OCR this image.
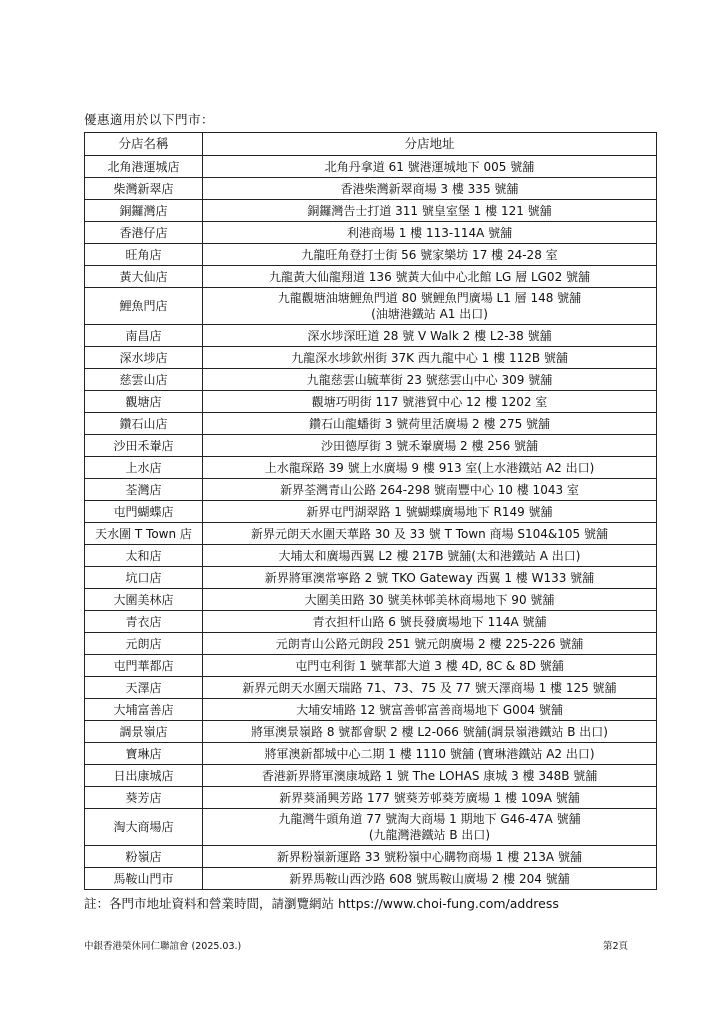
優惠適用於以下門市：
分店名稱	分店地址
北角港運城店	北角丹拿道 61 號港運城地下 005 號舖

柴灣新翠店	香港柴灣新翠商場 3 樓 335 號舖

銅鑼灣店	銅鑼灣告士打道 311 號皇室堡 1 樓 121 號舖

香港仔店	利港商場 1 樓 113-114A 號舖

旺角店	九龍旺角登打士街 56 號家樂坊 17 樓 24-28 室

黃大仙店	九龍黃大仙龍翔道 136 號黃大仙中心北館 LG 層 LG02 號舖

鯉魚門店	九龍觀塘油塘鯉魚門道 80 號鯉魚門廣場 L1 層 148 號舖
(油塘港鐵站 A1 出口)

南昌店	深水埗深旺道 28 號 V Walk 2 樓 L2-38 號舖

深水埗店	九龍深水埗欽州街 37K 西九龍中心 1 樓 112B 號舖

慈雲山店	九龍慈雲山毓華街 23 號慈雲山中心 309 號舖

觀塘店	觀塘巧明街 117 號港貿中心 12 樓 1202 室

鑽石山店	鑽石山龍蟠街 3 號荷里活廣場 2 樓 275 號舖

沙田禾輋店	沙田德厚街 3 號禾輋廣場 2 樓 256 號舖

上水店	上水龍琛路 39 號上水廣場 9 樓 913 室(上水港鐵站 A2 出口)

荃灣店	新界荃灣青山公路 264-298 號南豐中心 10 樓 1043 室

屯門蝴蝶店	新界屯門湖翠路 1 號蝴蝶廣場地下 R149 號舖

天水圍 T Town 店	新界元朗天水圍天華路 30 及 33 號 T Town 商場 S104&105 號舖

太和店	大埔太和廣場西翼 L2 樓 217B 號舖(太和港鐵站 A 出口)

坑口店	新界將軍澳常寧路 2 號 TKO Gateway 西翼 1 樓 W133 號舖

大圍美林店	大圍美田路 30 號美林邨美林商場地下 90 號舖

青衣店	青衣担杆山路 6 號長發廣場地下 114A 號舖

元朗店	元朗青山公路元朗段 251 號元朗廣場 2 樓 225-226 號舖

屯門華都店	屯門屯利街 1 號華都大道 3 樓 4D, 8C & 8D 號舖

天澤店	新界元朗天水圍天瑞路 71、73、75 及 77 號天澤商場 1 樓 125 號舖

大埔富善店	大埔安埔路 12 號富善邨富善商場地下 G004 號舖

調景嶺店	將軍澳景嶺路 8 號都會駅 2 樓 L2-066 號舖(調景嶺港鐵站 B 出口)

寶琳店	將軍澳新都城中心二期 1 樓 1110 號舖 (寶琳港鐵站 A2 出口)

日出康城店	香港新界將軍澳康城路 1 號 The LOHAS 康城 3 樓 348B 號舖

葵芳店	新界葵涌興芳路 177 號葵芳邨葵芳廣場 1 樓 109A 號舖

淘大商場店	九龍灣牛頭角道 77 號淘大商場 1 期地下 G46-47A 號舖
(九龍灣港鐵站 B 出口)

粉嶺店	新界粉嶺新運路 33 號粉嶺中心購物商場 1 樓 213A 號舖

馬鞍山門市	新界馬鞍山西沙路 608 號馬鞍山廣場 2 樓 204 號舖
註：各門市地址資料和營業時間，請瀏覽網站 https://www.choi-fung.com/address
中銀香港榮休同仁聯誼會 (2025.03.)	第2頁
